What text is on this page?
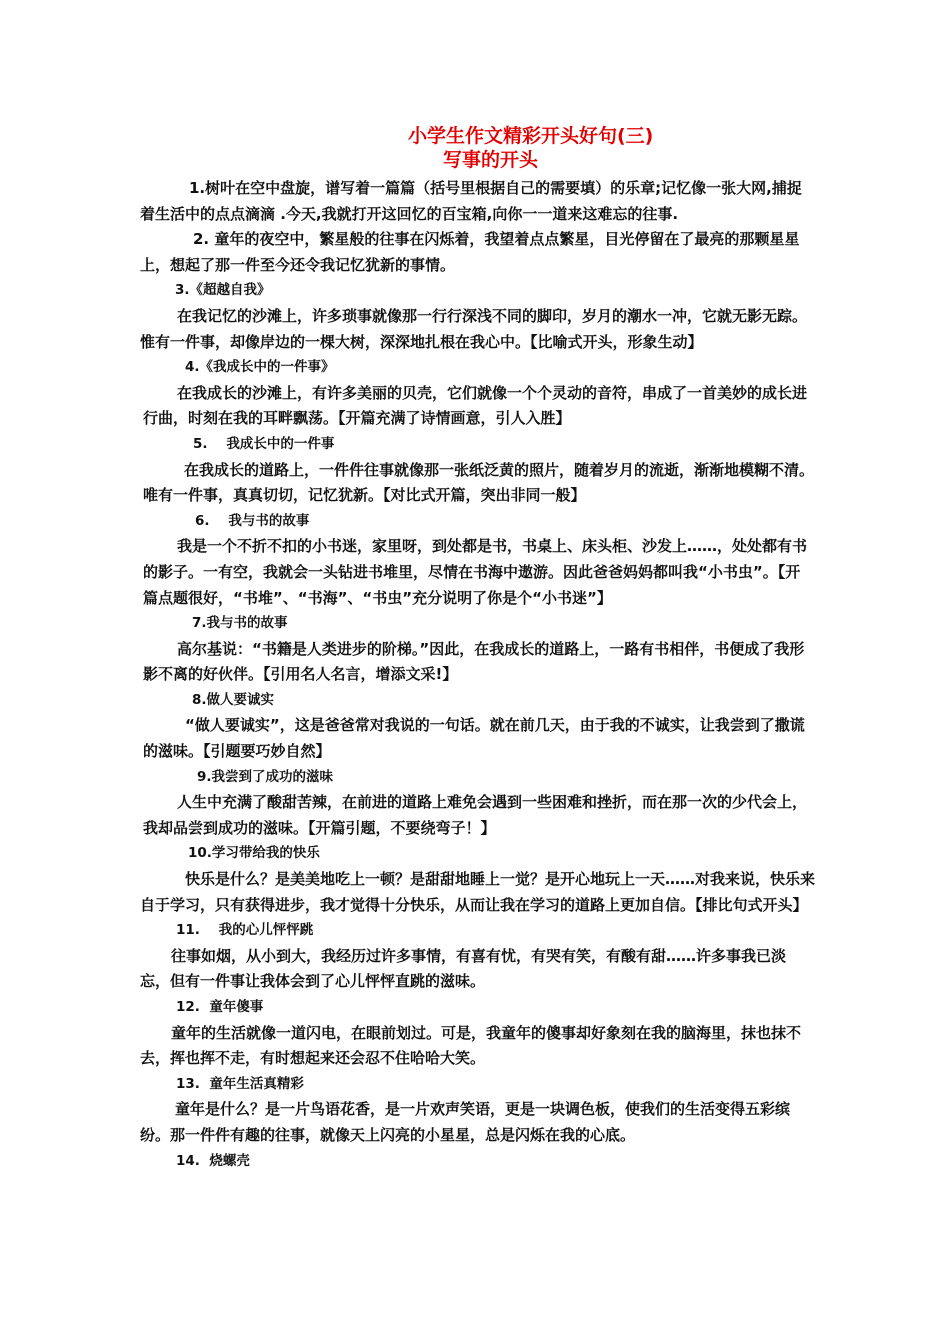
小学生作文精彩开头好句(三)
写事的开头

1.树叶在空中盘旋，谱写着一篇篇（括号里根据自己的需要填）的乐章;记忆像一张大网,捕捉着生活中的点点滴滴 .今天,我就打开这回忆的百宝箱,向你一一道来这难忘的往事.

2. 童年的夜空中，繁星般的往事在闪烁着，我望着点点繁星，目光停留在了最亮的那颗星星上，想起了那一件至今还令我记忆犹新的事情。

3.《超越自我》

在我记忆的沙滩上，许多琐事就像那一行行深浅不同的脚印，岁月的潮水一冲，它就无影无踪。惟有一件事，却像岸边的一棵大树，深深地扎根在我心中。【比喻式开头，形象生动】

4.《我成长中的一件事》

在我成长的沙滩上，有许多美丽的贝壳，它们就像一个个灵动的音符，串成了一首美妙的成长进行曲，时刻在我的耳畔飘荡。【开篇充满了诗情画意，引人入胜】

5.    我成长中的一件事

在我成长的道路上，一件件往事就像那一张纸泛黄的照片，随着岁月的流逝，渐渐地模糊不清。唯有一件事，真真切切，记忆犹新。【对比式开篇，突出非同一般】

6.    我与书的故事

我是一个不折不扣的小书迷，家里呀，到处都是书，书桌上、床头柜、沙发上……，处处都有书的影子。一有空，我就会一头钻进书堆里，尽情在书海中遨游。因此爸爸妈妈都叫我“小书虫”。【开篇点题很好，“书堆”、“书海”、“书虫”充分说明了你是个“小书迷”】

7.我与书的故事

高尔基说：“书籍是人类进步的阶梯。”因此，在我成长的道路上，一路有书相伴，书便成了我形影不离的好伙伴。【引用名人名言，增添文采!】

8.做人要诚实

“做人要诚实”，这是爸爸常对我说的一句话。就在前几天，由于我的不诚实，让我尝到了撒谎的滋味。【引题要巧妙自然】

9.我尝到了成功的滋味

人生中充满了酸甜苦辣，在前进的道路上难免会遇到一些困难和挫折，而在那一次的少代会上，我却品尝到成功的滋味。【开篇引题，不要绕弯子！】

10.学习带给我的快乐

快乐是什么？是美美地吃上一顿？是甜甜地睡上一觉？是开心地玩上一天……对我来说，快乐来自于学习，只有获得进步，我才觉得十分快乐，从而让我在学习的道路上更加自信。【排比句式开头】

11.    我的心儿怦怦跳

往事如烟，从小到大，我经历过许多事情，有喜有忧，有哭有笑，有酸有甜……许多事我已淡忘，但有一件事让我体会到了心儿怦怦直跳的滋味。

12.  童年傻事

童年的生活就像一道闪电，在眼前划过。可是，我童年的傻事却好象刻在我的脑海里，抹也抹不去，挥也挥不走，有时想起来还会忍不住哈哈大笑。

13.  童年生活真精彩

童年是什么？是一片鸟语花香，是一片欢声笑语，更是一块调色板，使我们的生活变得五彩缤纷。那一件件有趣的往事，就像天上闪亮的小星星，总是闪烁在我的心底。

14.  烧螺壳
